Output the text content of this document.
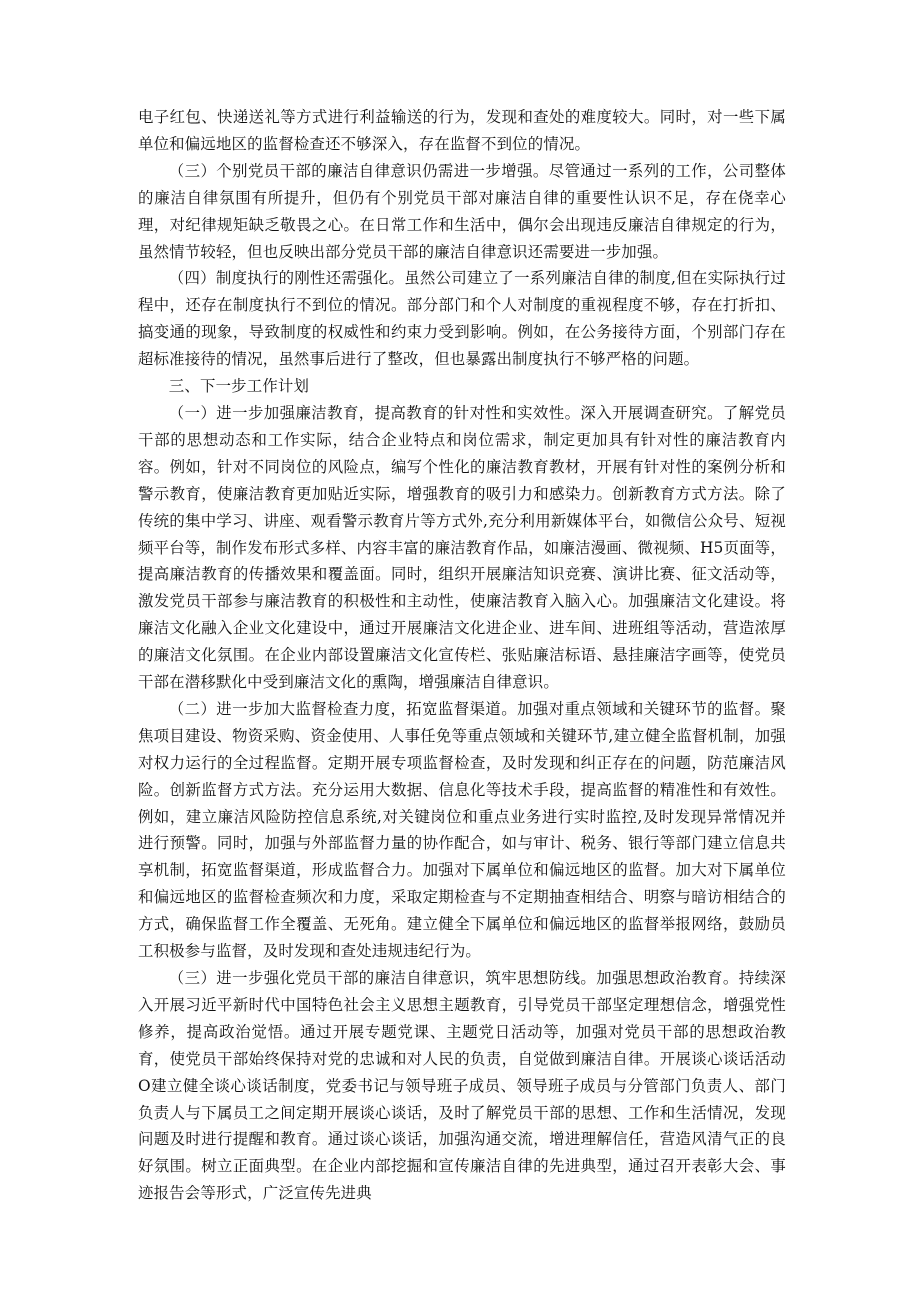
电子红包、快递送礼等方式进行利益输送的行为，发现和查处的难度较大。同时，对一些下属单位和偏远地区的监督检查还不够深入，存在监督不到位的情况。

（三）个别党员干部的廉洁自律意识仍需进一步增强。尽管通过一系列的工作，公司整体的廉洁自律氛围有所提升，但仍有个别党员干部对廉洁自律的重要性认识不足，存在侥幸心理，对纪律规矩缺乏敬畏之心。在日常工作和生活中，偶尔会出现违反廉洁自律规定的行为，虽然情节较轻，但也反映出部分党员干部的廉洁自律意识还需要进一步加强。

（四）制度执行的刚性还需强化。虽然公司建立了一系列廉洁自律的制度,但在实际执行过程中，还存在制度执行不到位的情况。部分部门和个人对制度的重视程度不够，存在打折扣、搞变通的现象，导致制度的权威性和约束力受到影响。例如，在公务接待方面，个别部门存在超标准接待的情况，虽然事后进行了整改，但也暴露出制度执行不够严格的问题。

三、下一步工作计划

（一）进一步加强廉洁教育，提高教育的针对性和实效性。深入开展调查研究。了解党员干部的思想动态和工作实际，结合企业特点和岗位需求，制定更加具有针对性的廉洁教育内容。例如，针对不同岗位的风险点，编写个性化的廉洁教育教材，开展有针对性的案例分析和警示教育，使廉洁教育更加贴近实际，增强教育的吸引力和感染力。创新教育方式方法。除了传统的集中学习、讲座、观看警示教育片等方式外,充分利用新媒体平台，如微信公众号、短视频平台等，制作发布形式多样、内容丰富的廉洁教育作品，如廉洁漫画、微视频、H5页面等，提高廉洁教育的传播效果和覆盖面。同时，组织开展廉洁知识竞赛、演讲比赛、征文活动等，激发党员干部参与廉洁教育的积极性和主动性，使廉洁教育入脑入心。加强廉洁文化建设。将廉洁文化融入企业文化建设中，通过开展廉洁文化进企业、进车间、进班组等活动，营造浓厚的廉洁文化氛围。在企业内部设置廉洁文化宣传栏、张贴廉洁标语、悬挂廉洁字画等，使党员干部在潜移默化中受到廉洁文化的熏陶，增强廉洁自律意识。

（二）进一步加大监督检查力度，拓宽监督渠道。加强对重点领域和关键环节的监督。聚焦项目建设、物资采购、资金使用、人事任免等重点领域和关键环节,建立健全监督机制，加强对权力运行的全过程监督。定期开展专项监督检查，及时发现和纠正存在的问题，防范廉洁风险。创新监督方式方法。充分运用大数据、信息化等技术手段，提高监督的精准性和有效性。例如，建立廉洁风险防控信息系统,对关键岗位和重点业务进行实时监控,及时发现异常情况并进行预警。同时，加强与外部监督力量的协作配合，如与审计、税务、银行等部门建立信息共享机制，拓宽监督渠道，形成监督合力。加强对下属单位和偏远地区的监督。加大对下属单位和偏远地区的监督检查频次和力度，采取定期检查与不定期抽查相结合、明察与暗访相结合的方式，确保监督工作全覆盖、无死角。建立健全下属单位和偏远地区的监督举报网络，鼓励员工积极参与监督，及时发现和查处违规违纪行为。

（三）进一步强化党员干部的廉洁自律意识，筑牢思想防线。加强思想政治教育。持续深入开展习近平新时代中国特色社会主义思想主题教育，引导党员干部坚定理想信念，增强党性修养，提高政治觉悟。通过开展专题党课、主题党日活动等，加强对党员干部的思想政治教育，使党员干部始终保持对党的忠诚和对人民的负责，自觉做到廉洁自律。开展谈心谈话活动O建立健全谈心谈话制度，党委书记与领导班子成员、领导班子成员与分管部门负责人、部门负责人与下属员工之间定期开展谈心谈话，及时了解党员干部的思想、工作和生活情况，发现问题及时进行提醒和教育。通过谈心谈话，加强沟通交流，增进理解信任，营造风清气正的良好氛围。树立正面典型。在企业内部挖掘和宣传廉洁自律的先进典型，通过召开表彰大会、事迹报告会等形式，广泛宣传先进典
